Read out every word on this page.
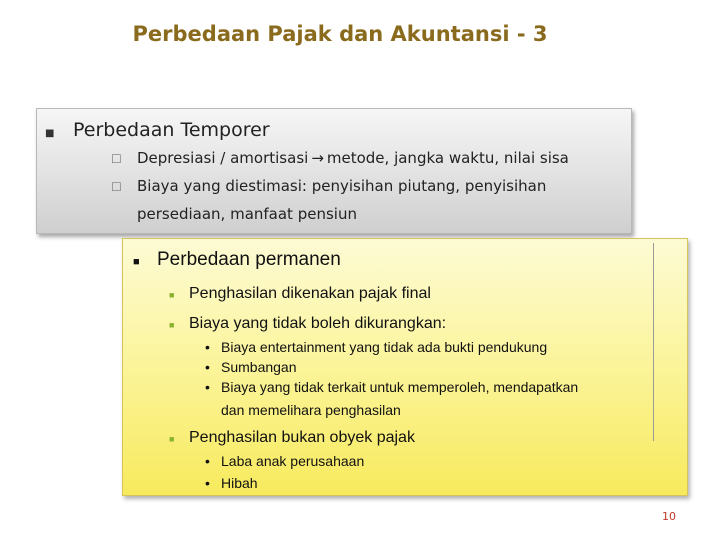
Perbedaan Pajak dan Akuntansi - 3
■ Perbedaan Temporer
☐	Depresiasi / amortisasi → metode, jangka waktu, nilai sisa
☐	Biaya yang diestimasi: penyisihan piutang, penyisihan
persediaan, manfaat pensiun
■ Perbedaan permanen
■ Penghasilan dikenakan pajak final
■ Biaya yang tidak boleh dikurangkan:
• Biaya entertainment yang tidak ada bukti pendukung
• Sumbangan
• Biaya yang tidak terkait untuk memperoleh, mendapatkan
dan memelihara penghasilan
■ Penghasilan bukan obyek pajak
• Laba anak perusahaan
• Hibah
10
